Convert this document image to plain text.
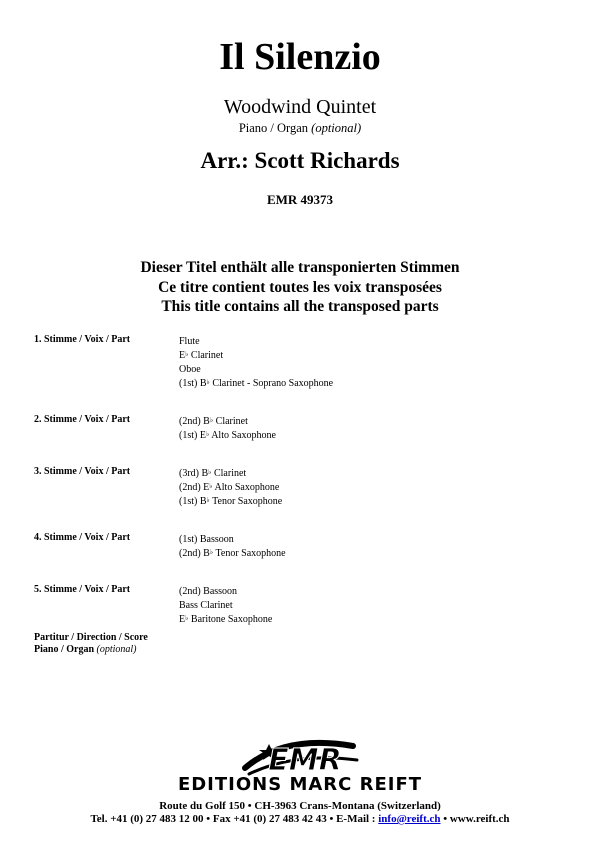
Il Silenzio
Woodwind Quintet
Piano / Organ (optional)
Arr.: Scott Richards
EMR 49373
Dieser Titel enthält alle transponierten Stimmen
Ce titre contient toutes les voix transposées
This title contains all the transposed parts
1. Stimme / Voix / Part	Flute
E♭ Clarinet
Oboe
(1st) B♭ Clarinet - Soprano Saxophone
2. Stimme / Voix / Part	(2nd) B♭ Clarinet
(1st) E♭ Alto Saxophone
3. Stimme / Voix / Part	(3rd) B♭ Clarinet
(2nd) E♭ Alto Saxophone
(1st) B♭ Tenor Saxophone
4. Stimme / Voix / Part	(1st) Bassoon
(2nd) B♭ Tenor Saxophone
5. Stimme / Voix / Part	(2nd) Bassoon
Bass Clarinet
E♭ Baritone Saxophone
Partitur / Direction / Score
Piano / Organ (optional)
EMR
EDITIONS MARC REIFT
Route du Golf 150 • CH-3963 Crans-Montana (Switzerland)
Tel. +41 (0) 27 483 12 00 • Fax +41 (0) 27 483 42 43 • E-Mail : info@reift.ch • www.reift.ch
